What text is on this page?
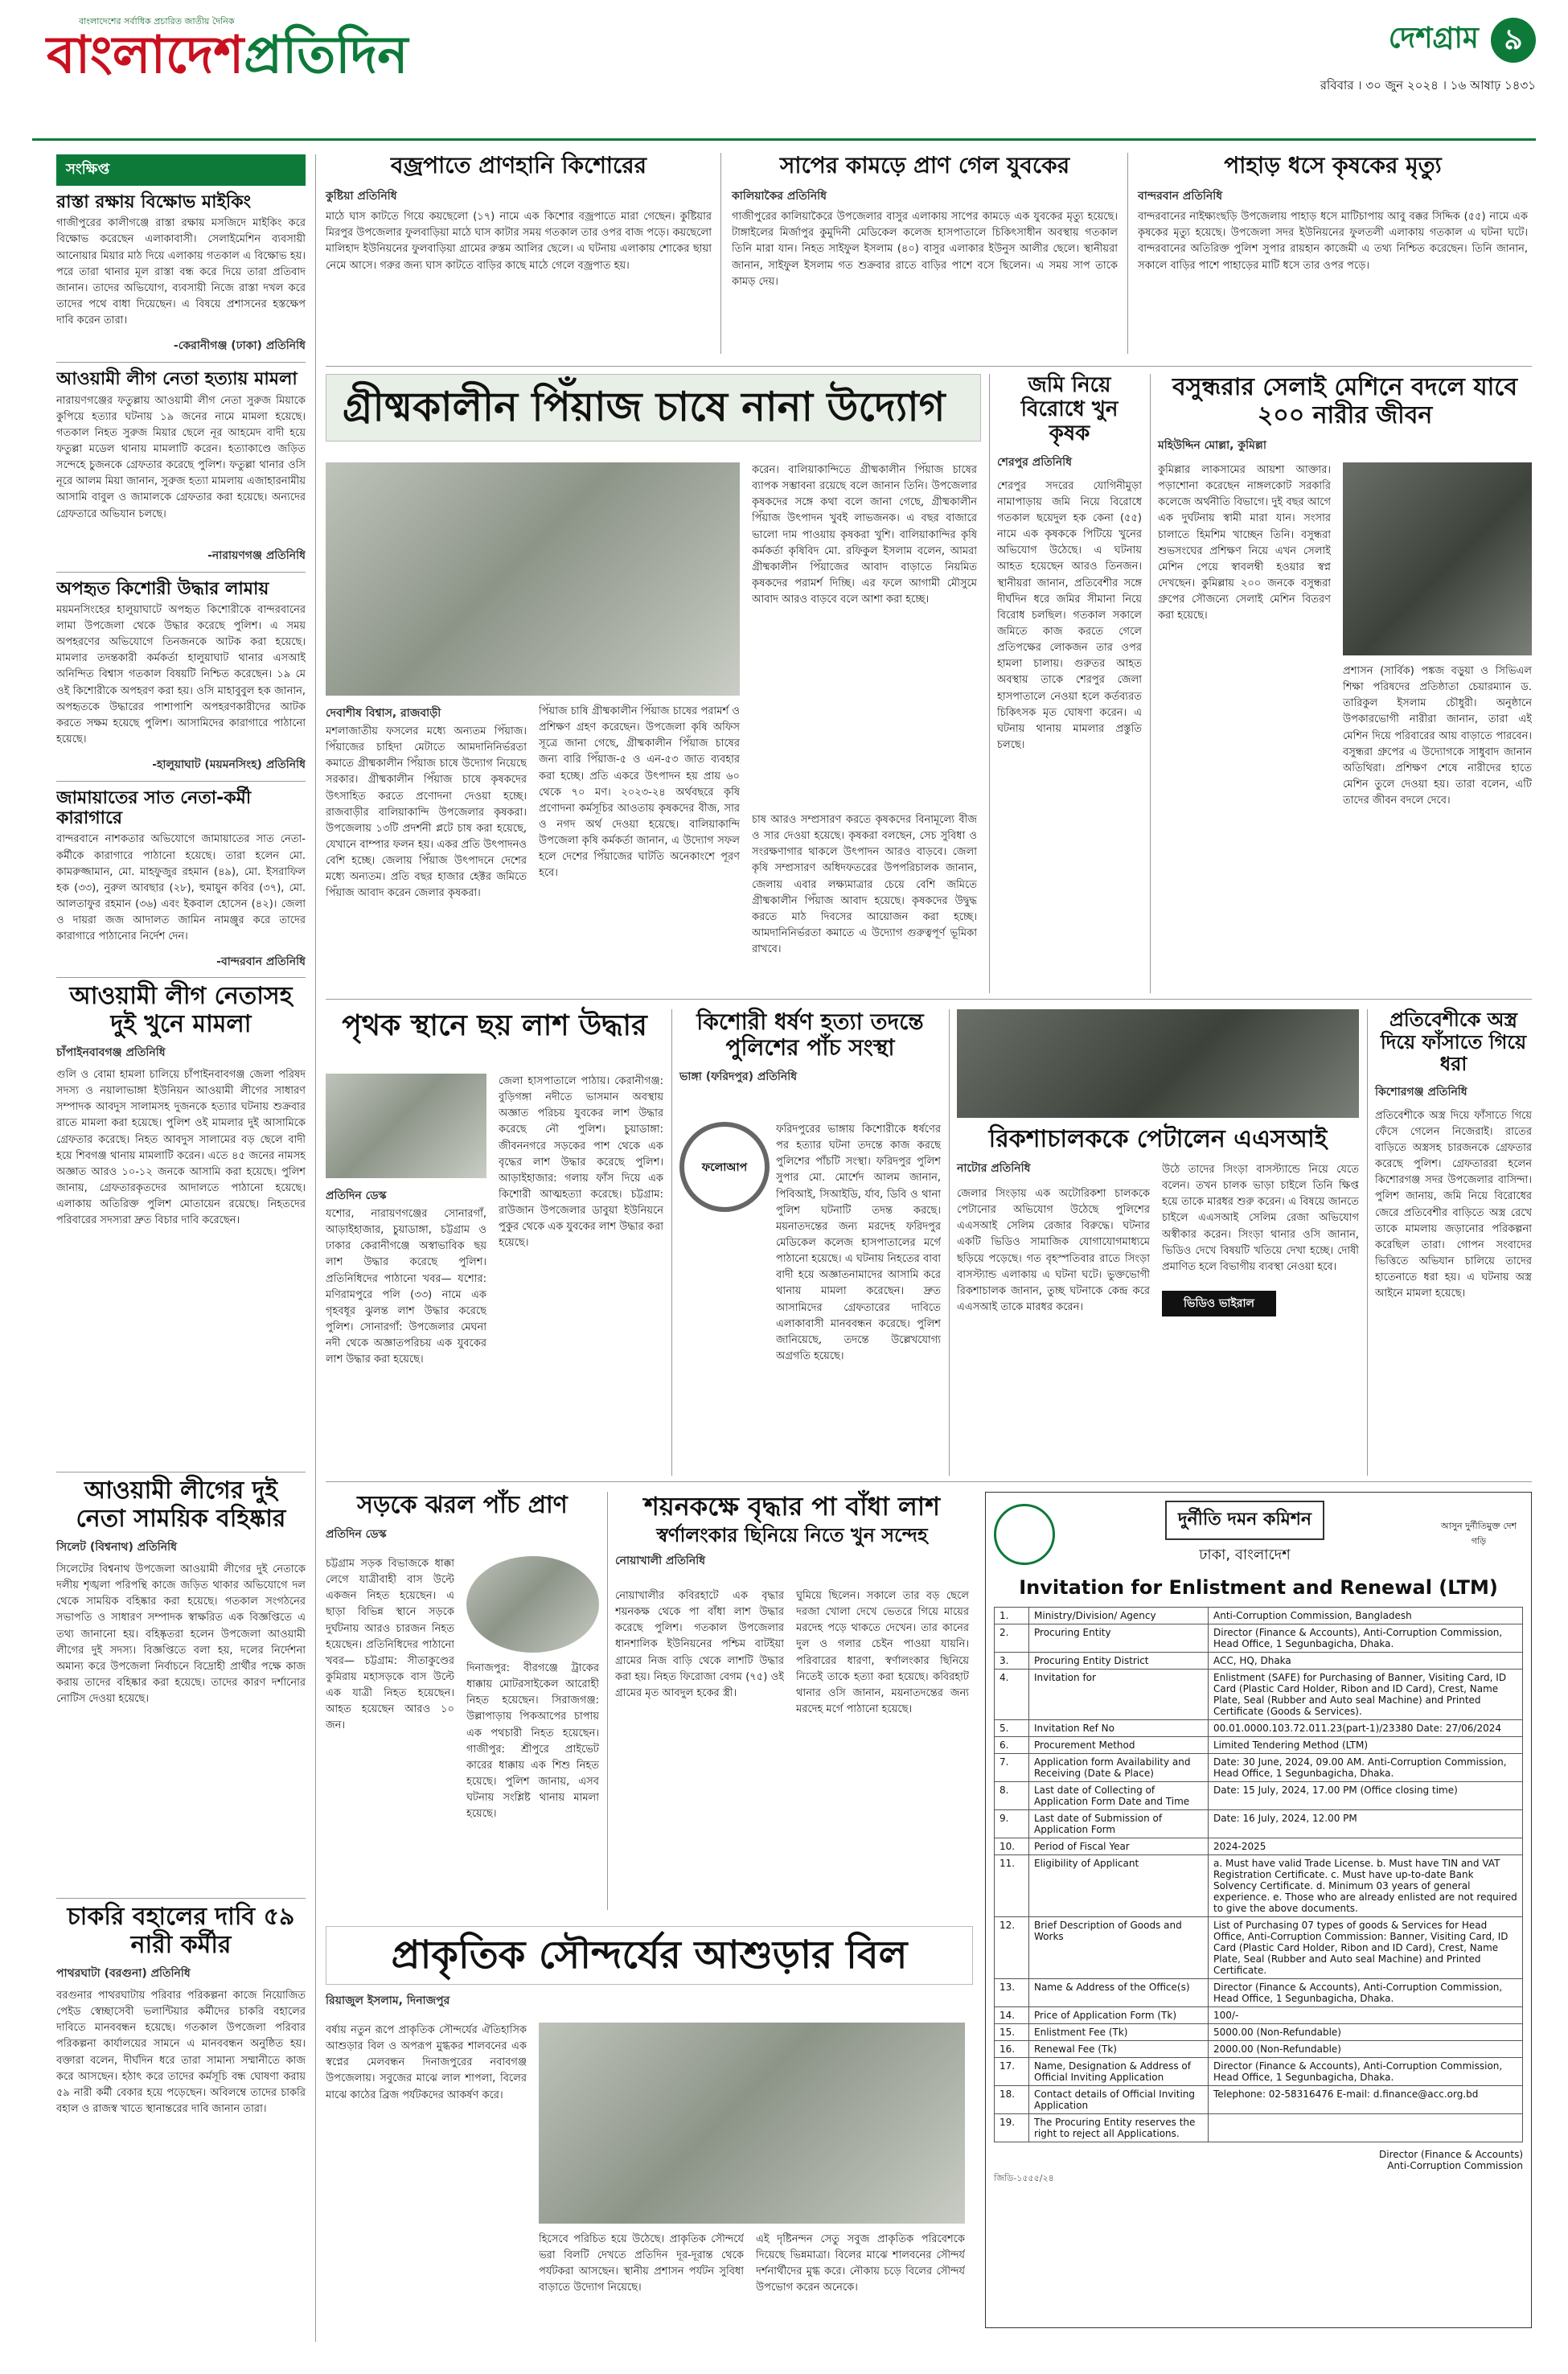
বাংলাদেশের সর্বাধিক প্রচারিত জাতীয় দৈনিক
বাংলাদেশপ্রতিদিন	দেশগ্রাম ৯
রবিবার । ৩০ জুন ২০২৪ । ১৬ আষাঢ় ১৪৩১
সংক্ষিপ্ত
রাস্তা রক্ষায় বিক্ষোভ মাইকিং
গাজীপুরের কালীগঞ্জে রাস্তা রক্ষায় মসজিদে মাইকিং করে বিক্ষোভ করেছেন এলাকাবাসী। সেলাইমেশিন ব্যবসায়ী আনোয়ার মিয়ার মাঠ দিয়ে এলাকায় গতকাল এ বিক্ষোভ হয়। পরে তারা থানার মূল রাস্তা বন্ধ করে দিয়ে তারা প্রতিবাদ জানান। তাদের অভিযোগ, ব্যবসায়ী নিজে রাস্তা দখল করে তাদের পথে বাধা দিয়েছেন। এ বিষয়ে প্রশাসনের হস্তক্ষেপ দাবি করেন তারা।
-কেরানীগঞ্জ (ঢাকা) প্রতিনিধি
আওয়ামী লীগ নেতা হত্যায় মামলা
নারায়ণগঞ্জের ফতুল্লায় আওয়ামী লীগ নেতা সুরুজ মিয়াকে কুপিয়ে হত্যার ঘটনায় ১৯ জনের নামে মামলা হয়েছে। গতকাল নিহত সুরুজ মিয়ার ছেলে নূর আহমেদ বাদী হয়ে ফতুল্লা মডেল থানায় মামলাটি করেন। হত্যাকাণ্ডে জড়িত সন্দেহে চুজনকে গ্রেফতার করেছে পুলিশ। ফতুল্লা থানার ওসি নূরে আলম মিয়া জানান, সুরুজ হত্যা মামলায় এজাহারনামীয় আসামি বাবুল ও জামালকে গ্রেফতার করা হয়েছে। অন্যদের গ্রেফতারে অভিযান চলছে।
-নারায়ণগঞ্জ প্রতিনিধি
অপহৃত কিশোরী উদ্ধার লামায়
ময়মনসিংহের হালুয়াঘাটে অপহৃত কিশোরীকে বান্দরবানের লামা উপজেলা থেকে উদ্ধার করেছে পুলিশ। এ সময় অপহরণের অভিযোগে তিনজনকে আটক করা হয়েছে। মামলার তদন্তকারী কর্মকর্তা হালুয়াঘাট থানার এসআই অনিন্দিত বিশ্বাস গতকাল বিষয়টি নিশ্চিত করেছেন। ১৯ মে ওই কিশোরীকে অপহরণ করা হয়। ওসি মাহাবুবুল হক জানান, অপহৃতকে উদ্ধারের পাশাপাশি অপহরণকারীদের আটক করতে সক্ষম হয়েছে পুলিশ। আসামিদের কারাগারে পাঠানো হয়েছে।
-হালুয়াঘাট (ময়মনসিংহ) প্রতিনিধি
জামায়াতের সাত নেতা-কর্মী কারাগারে
বান্দরবানে নাশকতার অভিযোগে জামায়াতের সাত নেতা-কর্মীকে কারাগারে পাঠানো হয়েছে। তারা হলেন মো. কামরুজ্জামান, মো. মাহফুজুর রহমান (৪৯), মো. ইসরাফিল হক (৩৩), নুরুল আবছার (২৮), হুমায়ুন কবির (৩৭), মো. আলতাফুর রহমান (৩৬) এবং ইকবাল হোসেন (৪২)। জেলা ও দায়রা জজ আদালত জামিন নামঞ্জুর করে তাদের কারাগারে পাঠানোর নির্দেশ দেন।
-বান্দরবান প্রতিনিধি
বজ্রপাতে প্রাণহানি কিশোরের
কুষ্টিয়া প্রতিনিধি
মাঠে ঘাস কাটতে গিয়ে কয়ছেলো (১৭) নামে এক কিশোর বজ্রপাতে মারা গেছেন। কুষ্টিয়ার মিরপুর উপজেলার ফুলবাড়িয়া মাঠে ঘাস কাটার সময় গতকাল তার ওপর বাজ পড়ে। কয়ছেলো মালিহাদ ইউনিয়নের ফুলবাড়িয়া গ্রামের রুস্তম আলির ছেলে। এ ঘটনায় এলাকায় শোকের ছায়া নেমে আসে। গরুর জন্য ঘাস কাটতে বাড়ির কাছে মাঠে গেলে বজ্রপাত হয়।
সাপের কামড়ে প্রাণ গেল যুবকের
কালিয়াকৈর প্রতিনিধি
গাজীপুরের কালিয়াকৈরে উপজেলার বাসুর এলাকায় সাপের কামড়ে এক যুবকের মৃত্যু হয়েছে। টাঙ্গাইলের মির্জাপুর কুমুদিনী মেডিকেল কলেজ হাসপাতালে চিকিৎসাধীন অবস্থায় গতকাল তিনি মারা যান। নিহত সাইফুল ইসলাম (৪০) বাসুর এলাকার ইউনুস আলীর ছেলে। স্থানীয়রা জানান, সাইফুল ইসলাম গত শুক্রবার রাতে বাড়ির পাশে বসে ছিলেন। এ সময় সাপ তাকে কামড় দেয়।
পাহাড় ধসে কৃষকের মৃত্যু
বান্দরবান প্রতিনিধি
বান্দরবানের নাইক্ষ্যংছড়ি উপজেলায় পাহাড় ধসে মাটিচাপায় আবু বক্কর সিদ্দিক (৫৫) নামে এক কৃষকের মৃত্যু হয়েছে। উপজেলা সদর ইউনিয়নের ফুলতলী এলাকায় গতকাল এ ঘটনা ঘটে। বান্দরবানের অতিরিক্ত পুলিশ সুপার রায়হান কাজেমী এ তথ্য নিশ্চিত করেছেন। তিনি জানান, সকালে বাড়ির পাশে পাহাড়ের মাটি ধসে তার ওপর পড়ে।
গ্রীষ্মকালীন পিঁয়াজ চাষে নানা উদ্যোগ
দেবাশীষ বিশ্বাস, রাজবাড়ী
মশলাজাতীয় ফসলের মধ্যে অন্যতম পিঁয়াজ। পিঁয়াজের চাহিদা মেটাতে আমদানিনির্ভরতা কমাতে গ্রীষ্মকালীন পিঁয়াজ চাষে উদ্যোগ নিয়েছে সরকার। গ্রীষ্মকালীন পিঁয়াজ চাষে কৃষকদের উৎসাহিত করতে প্রণোদনা দেওয়া হচ্ছে। রাজবাড়ীর বালিয়াকান্দি উপজেলার কৃষকরা। উপজেলায় ১৩টি প্রদর্শনী প্লটে চাষ করা হয়েছে, যেখানে বাম্পার ফলন হয়। একর প্রতি উৎপাদনও বেশি হচ্ছে। জেলায় পিঁয়াজ উৎপাদনে দেশের মধ্যে অন্যতম। প্রতি বছর হাজার হেক্টর জমিতে পিঁয়াজ আবাদ করেন জেলার কৃষকরা।
পিঁয়াজ চাষি গ্রীষ্মকালীন পিঁয়াজ চাষের পরামর্শ ও প্রশিক্ষণ গ্রহণ করেছেন। উপজেলা কৃষি অফিস সূত্রে জানা গেছে, গ্রীষ্মকালীন পিঁয়াজ চাষের জন্য বারি পিঁয়াজ-৫ ও এন-৫৩ জাত ব্যবহার করা হচ্ছে। প্রতি একরে উৎপাদন হয় প্রায় ৬০ থেকে ৭০ মণ। ২০২৩-২৪ অর্থবছরে কৃষি প্রণোদনা কর্মসূচির আওতায় কৃষকদের বীজ, সার ও নগদ অর্থ দেওয়া হয়েছে। বালিয়াকান্দি উপজেলা কৃষি কর্মকর্তা জানান, এ উদ্যোগ সফল হলে দেশের পিঁয়াজের ঘাটতি অনেকাংশে পূরণ হবে।
করেন। বালিয়াকান্দিতে গ্রীষ্মকালীন পিঁয়াজ চাষের ব্যাপক সম্ভাবনা রয়েছে বলে জানান তিনি। উপজেলার কৃষকদের সঙ্গে কথা বলে জানা গেছে, গ্রীষ্মকালীন পিঁয়াজ উৎপাদন খুবই লাভজনক। এ বছর বাজারে ভালো দাম পাওয়ায় কৃষকরা খুশি। বালিয়াকান্দির কৃষি কর্মকর্তা কৃষিবিদ মো. রফিকুল ইসলাম বলেন, আমরা গ্রীষ্মকালীন পিঁয়াজের আবাদ বাড়াতে নিয়মিত কৃষকদের পরামর্শ দিচ্ছি। এর ফলে আগামী মৌসুমে আবাদ আরও বাড়বে বলে আশা করা হচ্ছে।
চাষ আরও সম্প্রসারণ করতে কৃষকদের বিনামূল্যে বীজ ও সার দেওয়া হয়েছে। কৃষকরা বলছেন, সেচ সুবিধা ও সংরক্ষণাগার থাকলে উৎপাদন আরও বাড়বে। জেলা কৃষি সম্প্রসারণ অধিদফতরের উপপরিচালক জানান, জেলায় এবার লক্ষ্যমাত্রার চেয়ে বেশি জমিতে গ্রীষ্মকালীন পিঁয়াজ আবাদ হয়েছে। কৃষকদের উদ্বুদ্ধ করতে মাঠ দিবসের আয়োজন করা হচ্ছে। আমদানিনির্ভরতা কমাতে এ উদ্যোগ গুরুত্বপূর্ণ ভূমিকা রাখবে।
জমি নিয়ে বিরোধে খুন কৃষক
শেরপুর প্রতিনিধি
শেরপুর সদরের যোগিনীমুড়া নামাপাড়ায় জমি নিয়ে বিরোধে গতকাল ছয়েদুল হক কেনা (৫৫) নামে এক কৃষককে পিটিয়ে খুনের অভিযোগ উঠেছে। এ ঘটনায় আহত হয়েছেন আরও তিনজন। স্থানীয়রা জানান, প্রতিবেশীর সঙ্গে দীর্ঘদিন ধরে জমির সীমানা নিয়ে বিরোধ চলছিল। গতকাল সকালে জমিতে কাজ করতে গেলে প্রতিপক্ষের লোকজন তার ওপর হামলা চালায়। গুরুতর আহত অবস্থায় তাকে শেরপুর জেলা হাসপাতালে নেওয়া হলে কর্তব্যরত চিকিৎসক মৃত ঘোষণা করেন। এ ঘটনায় থানায় মামলার প্রস্তুতি চলছে।
বসুন্ধরার সেলাই মেশিনে বদলে যাবে ২০০ নারীর জীবন
মহিউদ্দিন মোল্লা, কুমিল্লা
কুমিল্লার লাকসামের আয়শা আক্তার। পড়াশোনা করেছেন নাঙ্গলকোট সরকারি কলেজে অর্থনীতি বিভাগে। দুই বছর আগে এক দুর্ঘটনায় স্বামী মারা যান। সংসার চালাতে হিমশিম খাচ্ছেন তিনি। বসুন্ধরা শুভসংঘের প্রশিক্ষণ নিয়ে এখন সেলাই মেশিন পেয়ে স্বাবলম্বী হওয়ার স্বপ্ন দেখছেন। কুমিল্লায় ২০০ জনকে বসুন্ধরা গ্রুপের সৌজন্যে সেলাই মেশিন বিতরণ করা হয়েছে।
প্রশাসন (সার্বিক) পঙ্কজ বড়ুয়া ও সিভিএল শিক্ষা পরিষদের প্রতিষ্ঠাতা চেয়ারম্যান ড. তারিকুল ইসলাম চৌধুরী। অনুষ্ঠানে উপকারভোগী নারীরা জানান, তারা এই মেশিন দিয়ে পরিবারের আয় বাড়াতে পারবেন। বসুন্ধরা গ্রুপের এ উদ্যোগকে সাধুবাদ জানান অতিথিরা। প্রশিক্ষণ শেষে নারীদের হাতে মেশিন তুলে দেওয়া হয়। তারা বলেন, এটি তাদের জীবন বদলে দেবে।
পৃথক স্থানে ছয় লাশ উদ্ধার
প্রতিদিন ডেস্ক
যশোর, নারায়ণগঞ্জের সোনারগাঁ, আড়াইহাজার, চুয়াডাঙ্গা, চট্টগ্রাম ও ঢাকার কেরানীগঞ্জে অস্বাভাবিক ছয় লাশ উদ্ধার করেছে পুলিশ। প্রতিনিধিদের পাঠানো খবর— যশোর: মণিরামপুরে পলি (৩৩) নামে এক গৃহবধূর ঝুলন্ত লাশ উদ্ধার করেছে পুলিশ। সোনারগাঁ: উপজেলার মেঘনা নদী থেকে অজ্ঞাতপরিচয় এক যুবকের লাশ উদ্ধার করা হয়েছে।
জেলা হাসপাতালে পাঠায়। কেরানীগঞ্জ: বুড়িগঙ্গা নদীতে ভাসমান অবস্থায় অজ্ঞাত পরিচয় যুবকের লাশ উদ্ধার করেছে নৌ পুলিশ। চুয়াডাঙ্গা: জীবননগরে সড়কের পাশ থেকে এক বৃদ্ধের লাশ উদ্ধার করেছে পুলিশ। আড়াইহাজার: গলায় ফাঁস দিয়ে এক কিশোরী আত্মহত্যা করেছে। চট্টগ্রাম: রাউজান উপজেলার ডাবুয়া ইউনিয়নে পুকুর থেকে এক যুবকের লাশ উদ্ধার করা হয়েছে।
কিশোরী ধর্ষণ হত্যা তদন্তে পুলিশের পাঁচ সংস্থা
ভাঙ্গা (ফরিদপুর) প্রতিনিধি
ফলোআপ
ফরিদপুরের ভাঙ্গায় কিশোরীকে ধর্ষণের পর হত্যার ঘটনা তদন্তে কাজ করছে পুলিশের পাঁচটি সংস্থা। ফরিদপুর পুলিশ সুপার মো. মোর্শেদ আলম জানান, পিবিআই, সিআইডি, র্যাব, ডিবি ও থানা পুলিশ ঘটনাটি তদন্ত করছে। ময়নাতদন্তের জন্য মরদেহ ফরিদপুর মেডিকেল কলেজ হাসপাতালের মর্গে পাঠানো হয়েছে। এ ঘটনায় নিহতের বাবা বাদী হয়ে অজ্ঞাতনামাদের আসামি করে থানায় মামলা করেছেন। দ্রুত আসামিদের গ্রেফতারের দাবিতে এলাকাবাসী মানববন্ধন করেছে। পুলিশ জানিয়েছে, তদন্তে উল্লেখযোগ্য অগ্রগতি হয়েছে।
রিকশাচালককে পেটালেন এএসআই
নাটোর প্রতিনিধি
জেলার সিংড়ায় এক অটোরিকশা চালককে পেটানোর অভিযোগ উঠেছে পুলিশের এএসআই সেলিম রেজার বিরুদ্ধে। ঘটনার একটি ভিডিও সামাজিক যোগাযোগমাধ্যমে ছড়িয়ে পড়েছে। গত বৃহস্পতিবার রাতে সিংড়া বাসস্ট্যান্ড এলাকায় এ ঘটনা ঘটে। ভুক্তভোগী রিকশাচালক জানান, তুচ্ছ ঘটনাকে কেন্দ্র করে এএসআই তাকে মারধর করেন।	ভিডিও ভাইরাল
উঠে তাদের সিংড়া বাসস্ট্যান্ডে নিয়ে যেতে বলেন। তখন চালক ভাড়া চাইলে তিনি ক্ষিপ্ত হয়ে তাকে মারধর শুরু করেন। এ বিষয়ে জানতে চাইলে এএসআই সেলিম রেজা অভিযোগ অস্বীকার করেন। সিংড়া থানার ওসি জানান, ভিডিও দেখে বিষয়টি খতিয়ে দেখা হচ্ছে। দোষী প্রমাণিত হলে বিভাগীয় ব্যবস্থা নেওয়া হবে।
প্রতিবেশীকে অস্ত্র দিয়ে ফাঁসাতে গিয়ে ধরা
কিশোরগঞ্জ প্রতিনিধি
প্রতিবেশীকে অস্ত্র দিয়ে ফাঁসাতে গিয়ে ফেঁসে গেলেন নিজেরাই। রাতের বাড়িতে অস্ত্রসহ চারজনকে গ্রেফতার করেছে পুলিশ। গ্রেফতাররা হলেন কিশোরগঞ্জ সদর উপজেলার বাসিন্দা। পুলিশ জানায়, জমি নিয়ে বিরোধের জেরে প্রতিবেশীর বাড়িতে অস্ত্র রেখে তাকে মামলায় জড়ানোর পরিকল্পনা করেছিল তারা। গোপন সংবাদের ভিত্তিতে অভিযান চালিয়ে তাদের হাতেনাতে ধরা হয়। এ ঘটনায় অস্ত্র আইনে মামলা হয়েছে।
আওয়ামী লীগ নেতাসহ দুই খুনে মামলা
চাঁপাইনবাবগঞ্জ প্রতিনিধি
গুলি ও বোমা হামলা চালিয়ে চাঁপাইনবাবগঞ্জ জেলা পরিষদ সদস্য ও নয়ালাভাঙ্গা ইউনিয়ন আওয়ামী লীগের সাধারণ সম্পাদক আবদুস সালামসহ দুজনকে হত্যার ঘটনায় শুক্রবার রাতে মামলা করা হয়েছে। পুলিশ ওই মামলার দুই আসামিকে গ্রেফতার করেছে। নিহত আবদুস সালামের বড় ছেলে বাদী হয়ে শিবগঞ্জ থানায় মামলাটি করেন। এতে ৪৫ জনের নামসহ অজ্ঞাত আরও ১০-১২ জনকে আসামি করা হয়েছে। পুলিশ জানায়, গ্রেফতারকৃতদের আদালতে পাঠানো হয়েছে। এলাকায় অতিরিক্ত পুলিশ মোতায়েন রয়েছে। নিহতদের পরিবারের সদস্যরা দ্রুত বিচার দাবি করেছেন।
আওয়ামী লীগের দুই নেতা সাময়িক বহিষ্কার
সিলেট (বিশ্বনাথ) প্রতিনিধি
সিলেটের বিশ্বনাথ উপজেলা আওয়ামী লীগের দুই নেতাকে দলীয় শৃঙ্খলা পরিপন্থি কাজে জড়িত থাকার অভিযোগে দল থেকে সাময়িক বহিষ্কার করা হয়েছে। গতকাল সংগঠনের সভাপতি ও সাধারণ সম্পাদক স্বাক্ষরিত এক বিজ্ঞপ্তিতে এ তথ্য জানানো হয়। বহিষ্কৃতরা হলেন উপজেলা আওয়ামী লীগের দুই সদস্য। বিজ্ঞপ্তিতে বলা হয়, দলের নির্দেশনা অমান্য করে উপজেলা নির্বাচনে বিদ্রোহী প্রার্থীর পক্ষে কাজ করায় তাদের বহিষ্কার করা হয়েছে। তাদের কারণ দর্শানোর নোটিস দেওয়া হয়েছে।
চাকরি বহালের দাবি ৫৯ নারী কর্মীর
পাথরঘাটা (বরগুনা) প্রতিনিধি
বরগুনার পাথরঘাটায় পরিবার পরিকল্পনা কাজে নিয়োজিত পেইড স্বেচ্ছাসেবী ভলান্টিয়ার কর্মীদের চাকরি বহালের দাবিতে মানববন্ধন হয়েছে। গতকাল উপজেলা পরিবার পরিকল্পনা কার্যালয়ের সামনে এ মানববন্ধন অনুষ্ঠিত হয়। বক্তারা বলেন, দীর্ঘদিন ধরে তারা সামান্য সম্মানীতে কাজ করে আসছেন। হঠাৎ করে তাদের কর্মসূচি বন্ধ ঘোষণা করায় ৫৯ নারী কর্মী বেকার হয়ে পড়েছেন। অবিলম্বে তাদের চাকরি বহাল ও রাজস্ব খাতে স্থানান্তরের দাবি জানান তারা।
সড়কে ঝরল পাঁচ প্রাণ
প্রতিদিন ডেস্ক
চট্টগ্রাম সড়ক বিভাজকে ধাক্কা লেগে যাত্রীবাহী বাস উল্টে একজন নিহত হয়েছেন। এ ছাড়া বিভিন্ন স্থানে সড়কে দুর্ঘটনায় আরও চারজন নিহত হয়েছেন। প্রতিনিধিদের পাঠানো খবর— চট্টগ্রাম: সীতাকুণ্ডের কুমিরায় মহাসড়কে বাস উল্টে এক যাত্রী নিহত হয়েছেন। আহত হয়েছেন আরও ১০ জন।
দিনাজপুর: বীরগঞ্জে ট্রাকের ধাক্কায় মোটরসাইকেল আরোহী নিহত হয়েছেন। সিরাজগঞ্জ: উল্লাপাড়ায় পিকআপের চাপায় এক পথচারী নিহত হয়েছেন। গাজীপুর: শ্রীপুরে প্রাইভেট কারের ধাক্কায় এক শিশু নিহত হয়েছে। পুলিশ জানায়, এসব ঘটনায় সংশ্লিষ্ট থানায় মামলা হয়েছে।
শয়নকক্ষে বৃদ্ধার পা বাঁধা লাশ
স্বর্ণালংকার ছিনিয়ে নিতে খুন সন্দেহ
নোয়াখালী প্রতিনিধি
নোয়াখালীর কবিরহাটে এক বৃদ্ধার শয়নকক্ষ থেকে পা বাঁধা লাশ উদ্ধার করেছে পুলিশ। গতকাল উপজেলার ধানশালিক ইউনিয়নের পশ্চিম বাটইয়া গ্রামের নিজ বাড়ি থেকে লাশটি উদ্ধার করা হয়। নিহত ফিরোজা বেগম (৭৫) ওই গ্রামের মৃত আবদুল হকের স্ত্রী।
ঘুমিয়ে ছিলেন। সকালে তার বড় ছেলে দরজা খোলা দেখে ভেতরে গিয়ে মায়ের মরদেহ পড়ে থাকতে দেখেন। তার কানের দুল ও গলার চেইন পাওয়া যায়নি। পরিবারের ধারণা, স্বর্ণালংকার ছিনিয়ে নিতেই তাকে হত্যা করা হয়েছে। কবিরহাট থানার ওসি জানান, ময়নাতদন্তের জন্য মরদেহ মর্গে পাঠানো হয়েছে।
দুর্নীতি দমন কমিশন
ঢাকা, বাংলাদেশ
আসুন দুর্নীতিমুক্ত দেশ গড়ি
Invitation for Enlistment and Renewal (LTM)
1.	Ministry/Division/ Agency	Anti-Corruption Commission, Bangladesh
2.	Procuring Entity	Director (Finance & Accounts), Anti-Corruption Commission, Head Office, 1 Segunbagicha, Dhaka.
3.	Procuring Entity District	ACC, HQ, Dhaka
4.	Invitation for	Enlistment (SAFE) for Purchasing of Banner, Visiting Card, ID Card (Plastic Card Holder, Ribon and ID Card), Crest, Name Plate, Seal (Rubber and Auto seal Machine) and Printed Certificate (Goods & Services).
5.	Invitation Ref No	00.01.0000.103.72.011.23(part-1)/23380 Date: 27/06/2024
6.	Procurement Method	Limited Tendering Method (LTM)
7.	Application form Availability and Receiving (Date & Place)	Date: 30 June, 2024, 09.00 AM. Anti-Corruption Commission, Head Office, 1 Segunbagicha, Dhaka.
8.	Last date of Collecting of Application Form Date and Time	Date: 15 July, 2024, 17.00 PM (Office closing time)
9.	Last date of Submission of Application Form	Date: 16 July, 2024, 12.00 PM
10.	Period of Fiscal Year	2024-2025
11.	Eligibility of Applicant	a. Must have valid Trade License. b. Must have TIN and VAT Registration Certificate. c. Must have up-to-date Bank Solvency Certificate. d. Minimum 03 years of general experience. e. Those who are already enlisted are not required to give the above documents.
12.	Brief Description of Goods and Works	List of Purchasing 07 types of goods & Services for Head Office, Anti-Corruption Commission: Banner, Visiting Card, ID Card (Plastic Card Holder, Ribon and ID Card), Crest, Name Plate, Seal (Rubber and Auto seal Machine) and Printed Certificate.
13.	Name & Address of the Office(s)	Director (Finance & Accounts), Anti-Corruption Commission, Head Office, 1 Segunbagicha, Dhaka.
14.	Price of Application Form (Tk)	100/-
15.	Enlistment Fee (Tk)	5000.00 (Non-Refundable)
16.	Renewal Fee (Tk)	2000.00 (Non-Refundable)
17.	Name, Designation & Address of Official Inviting Application	Director (Finance & Accounts), Anti-Corruption Commission, Head Office, 1 Segunbagicha, Dhaka.
18.	Contact details of Official Inviting Application	Telephone: 02-58316476 E-mail: d.finance@acc.org.bd
19.	The Procuring Entity reserves the right to reject all Applications.	
Director (Finance & Accounts)
Anti-Corruption Commission
জিডি-১৫৫৫/২৪
প্রাকৃতিক সৌন্দর্যের আশুড়ার বিল
রিয়াজুল ইসলাম, দিনাজপুর
বর্ষায় নতুন রূপে প্রাকৃতিক সৌন্দর্যের ঐতিহাসিক আশুড়ার বিল ও অপরূপ মুগ্ধকর শালবনের এক স্বপ্নের মেলবন্ধন দিনাজপুরের নবাবগঞ্জ উপজেলায়। সবুজের মাঝে লাল শাপলা, বিলের মাঝে কাঠের ব্রিজ পর্যটকদের আকর্ষণ করে।
হিসেবে পরিচিত হয়ে উঠেছে। প্রাকৃতিক সৌন্দর্যে ভরা বিলটি দেখতে প্রতিদিন দূর-দূরান্ত থেকে পর্যটকরা আসছেন। স্থানীয় প্রশাসন পর্যটন সুবিধা বাড়াতে উদ্যোগ নিয়েছে।
এই দৃষ্টিনন্দন সেতু সবুজ প্রাকৃতিক পরিবেশকে দিয়েছে ভিন্নমাত্রা। বিলের মাঝে শালবনের সৌন্দর্য দর্শনার্থীদের মুগ্ধ করে। নৌকায় চড়ে বিলের সৌন্দর্য উপভোগ করেন অনেকে।
